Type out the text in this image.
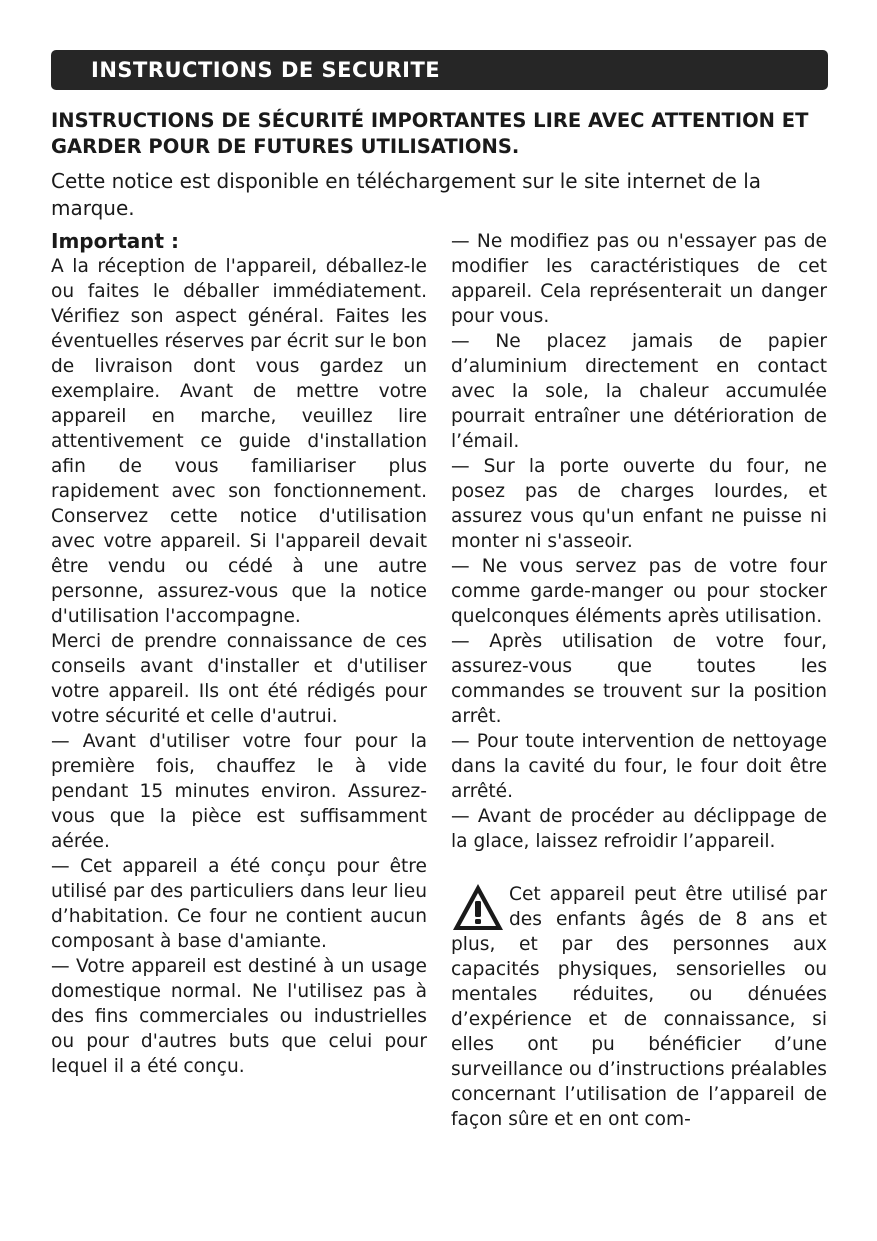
INSTRUCTIONS DE SECURITE
INSTRUCTIONS DE SÉCURITÉ IMPORTANTES LIRE AVEC ATTENTION ET GARDER POUR DE FUTURES UTILISATIONS.

Cette notice est disponible en téléchargement sur le site internet de la marque.

Important :

A la réception de l'appareil, déballez-le ou faites le déballer immédiatement. Vérifiez son aspect général. Faites les éventuelles réserves par écrit sur le bon de livraison dont vous gardez un exemplaire. Avant de mettre votre appareil en marche, veuillez lire attentivement ce guide d'installation afin de vous familiariser plus rapidement avec son fonctionnement. Conservez cette notice d'utilisation avec votre appareil. Si l'appareil devait être vendu ou cédé à une autre personne, assurez-vous que la notice d'utilisation l'accompagne.

Merci de prendre connaissance de ces conseils avant d'installer et d'utiliser votre appareil. Ils ont été rédigés pour votre sécurité et celle d'autrui.

— Avant d'utiliser votre four pour la première fois, chauffez le à vide pendant 15 minutes environ. Assurez-vous que la pièce est suffisamment aérée.

— Cet appareil a été conçu pour être utilisé par des particuliers dans leur lieu d’habitation. Ce four ne contient aucun composant à base d'amiante.

— Votre appareil est destiné à un usage domestique normal. Ne l'utilisez pas à des fins commerciales ou industrielles ou pour d'autres buts que celui pour lequel il a été conçu.

— Ne modifiez pas ou n'essayer pas de modifier les caractéristiques de cet appareil. Cela représenterait un danger pour vous.

— Ne placez jamais de papier d’aluminium directement en contact avec la sole, la chaleur accumulée pourrait entraîner une détérioration de l’émail.

— Sur la porte ouverte du four, ne posez pas de charges lourdes, et assurez vous qu'un enfant ne puisse ni monter ni s'asseoir.

— Ne vous servez pas de votre four comme garde-manger ou pour stocker quelconques éléments après utilisation.

— Après utilisation de votre four, assurez-vous que toutes les commandes se trouvent sur la position arrêt.

— Pour toute intervention de nettoyage dans la cavité du four, le four doit être arrêté.

— Avant de procéder au déclippage de la glace, laissez refroidir l’appareil.

Cet appareil peut être utilisé par des enfants âgés de 8 ans et plus, et par des personnes aux capacités physiques, sensorielles ou mentales réduites, ou dénuées d’expérience et de connaissance, si elles ont pu bénéficier d’une surveillance ou d’instructions préalables concernant l’utilisation de l’appareil de façon sûre et en ont com-
